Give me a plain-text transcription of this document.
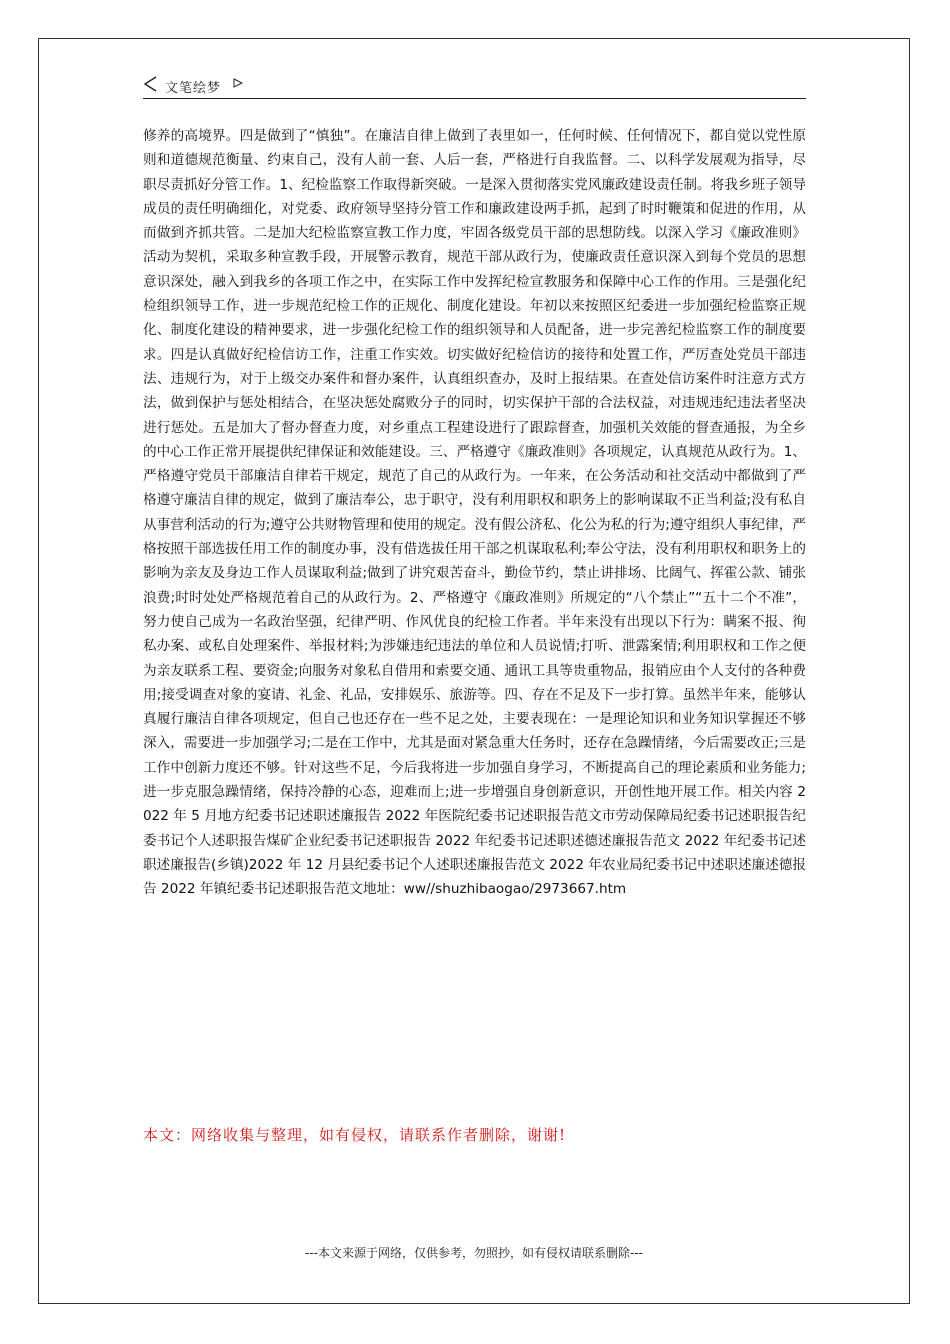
文笔绘梦

修养的高境界。四是做到了“慎独”。在廉洁自律上做到了表里如一，任何时候、任何情况下，都自觉以党性原则和道德规范衡量、约束自己，没有人前一套、人后一套，严格进行自我监督。二、以科学发展观为指导，尽职尽责抓好分管工作。1、纪检监察工作取得新突破。一是深入贯彻落实党风廉政建设责任制。将我乡班子领导成员的责任明确细化，对党委、政府领导坚持分管工作和廉政建设两手抓，起到了时时鞭策和促进的作用，从而做到齐抓共管。二是加大纪检监察宣教工作力度，牢固各级党员干部的思想防线。以深入学习《廉政准则》活动为契机，采取多种宣教手段，开展警示教育，规范干部从政行为，使廉政责任意识深入到每个党员的思想意识深处，融入到我乡的各项工作之中，在实际工作中发挥纪检宣教服务和保障中心工作的作用。三是强化纪检组织领导工作，进一步规范纪检工作的正规化、制度化建设。年初以来按照区纪委进一步加强纪检监察正规化、制度化建设的精神要求，进一步强化纪检工作的组织领导和人员配备，进一步完善纪检监察工作的制度要求。四是认真做好纪检信访工作，注重工作实效。切实做好纪检信访的接待和处置工作，严厉查处党员干部违法、违规行为，对于上级交办案件和督办案件，认真组织查办，及时上报结果。在查处信访案件时注意方式方法，做到保护与惩处相结合，在坚决惩处腐败分子的同时，切实保护干部的合法权益，对违规违纪违法者坚决进行惩处。五是加大了督办督查力度，对乡重点工程建设进行了跟踪督查，加强机关效能的督查通报，为全乡的中心工作正常开展提供纪律保证和效能建设。三、严格遵守《廉政准则》各项规定，认真规范从政行为。1、严格遵守党员干部廉洁自律若干规定，规范了自己的从政行为。一年来，在公务活动和社交活动中都做到了严格遵守廉洁自律的规定，做到了廉洁奉公，忠于职守，没有利用职权和职务上的影响谋取不正当利益;没有私自从事营利活动的行为;遵守公共财物管理和使用的规定。没有假公济私、化公为私的行为;遵守组织人事纪律，严格按照干部选拔任用工作的制度办事，没有借选拔任用干部之机谋取私利;奉公守法，没有利用职权和职务上的影响为亲友及身边工作人员谋取利益;做到了讲究艰苦奋斗，勤俭节约，禁止讲排场、比阔气、挥霍公款、铺张浪费;时时处处严格规范着自己的从政行为。2、严格遵守《廉政准则》所规定的“八个禁止”“五十二个不准”，努力使自己成为一名政治坚强，纪律严明、作风优良的纪检工作者。半年来没有出现以下行为：瞒案不报、徇私办案、或私自处理案件、举报材料;为涉嫌违纪违法的单位和人员说情;打听、泄露案情;利用职权和工作之便为亲友联系工程、要资金;向服务对象私自借用和索要交通、通讯工具等贵重物品，报销应由个人支付的各种费用;接受调查对象的宴请、礼金、礼品，安排娱乐、旅游等。四、存在不足及下一步打算。虽然半年来，能够认真履行廉洁自律各项规定，但自己也还存在一些不足之处，主要表现在：一是理论知识和业务知识掌握还不够深入，需要进一步加强学习;二是在工作中，尤其是面对紧急重大任务时，还存在急躁情绪，今后需要改正;三是工作中创新力度还不够。针对这些不足，今后我将进一步加强自身学习，不断提高自己的理论素质和业务能力;进一步克服急躁情绪，保持冷静的心态，迎难而上;进一步增强自身创新意识，开创性地开展工作。相关内容 2022 年 5 月地方纪委书记述职述廉报告 2022 年医院纪委书记述职报告范文市劳动保障局纪委书记述职报告纪委书记个人述职报告煤矿企业纪委书记述职报告 2022 年纪委书记述职述德述廉报告范文 2022 年纪委书记述职述廉报告(乡镇)2022 年 12 月县纪委书记个人述职述廉报告范文 2022 年农业局纪委书记中述职述廉述德报告 2022 年镇纪委书记述职报告范文地址：ww//shuzhibaogao/2973667.htm

本文：网络收集与整理，如有侵权，请联系作者删除，谢谢!

---本文来源于网络，仅供参考，勿照抄，如有侵权请联系删除---
